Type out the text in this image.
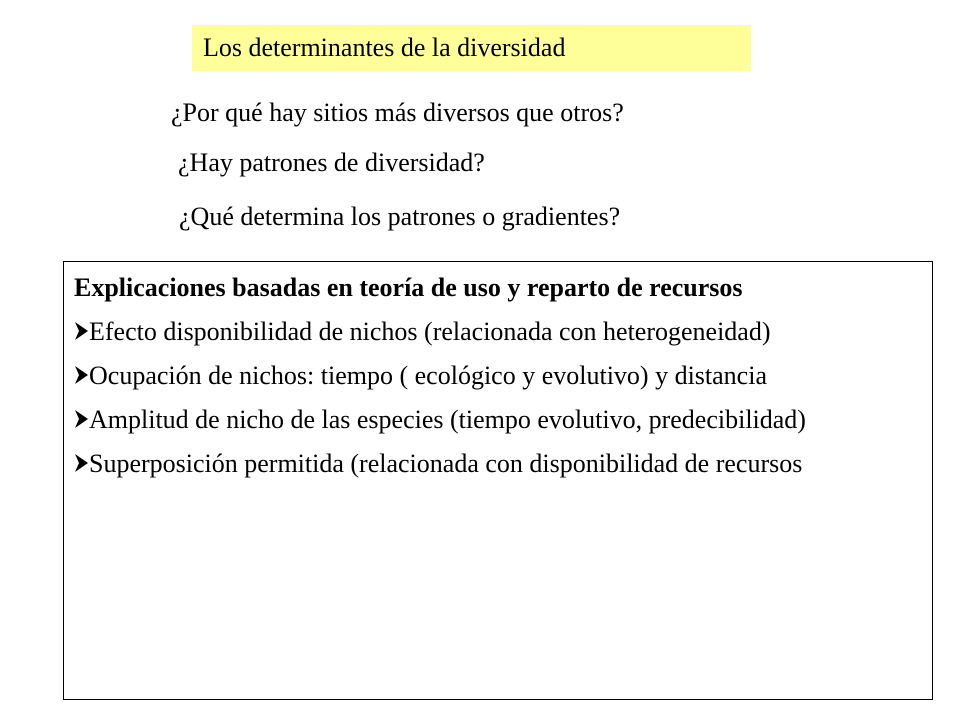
Los determinantes de la diversidad
¿Por qué hay sitios más diversos que otros?
¿Hay patrones de diversidad?
¿Qué determina los patrones o gradientes?
Explicaciones basadas en teoría de uso y reparto de recursos
Efecto disponibilidad de nichos (relacionada con heterogeneidad)
Ocupación de nichos: tiempo ( ecológico y evolutivo) y distancia
Amplitud de nicho de las especies (tiempo evolutivo, predecibilidad)
Superposición permitida (relacionada con disponibilidad de recursos
